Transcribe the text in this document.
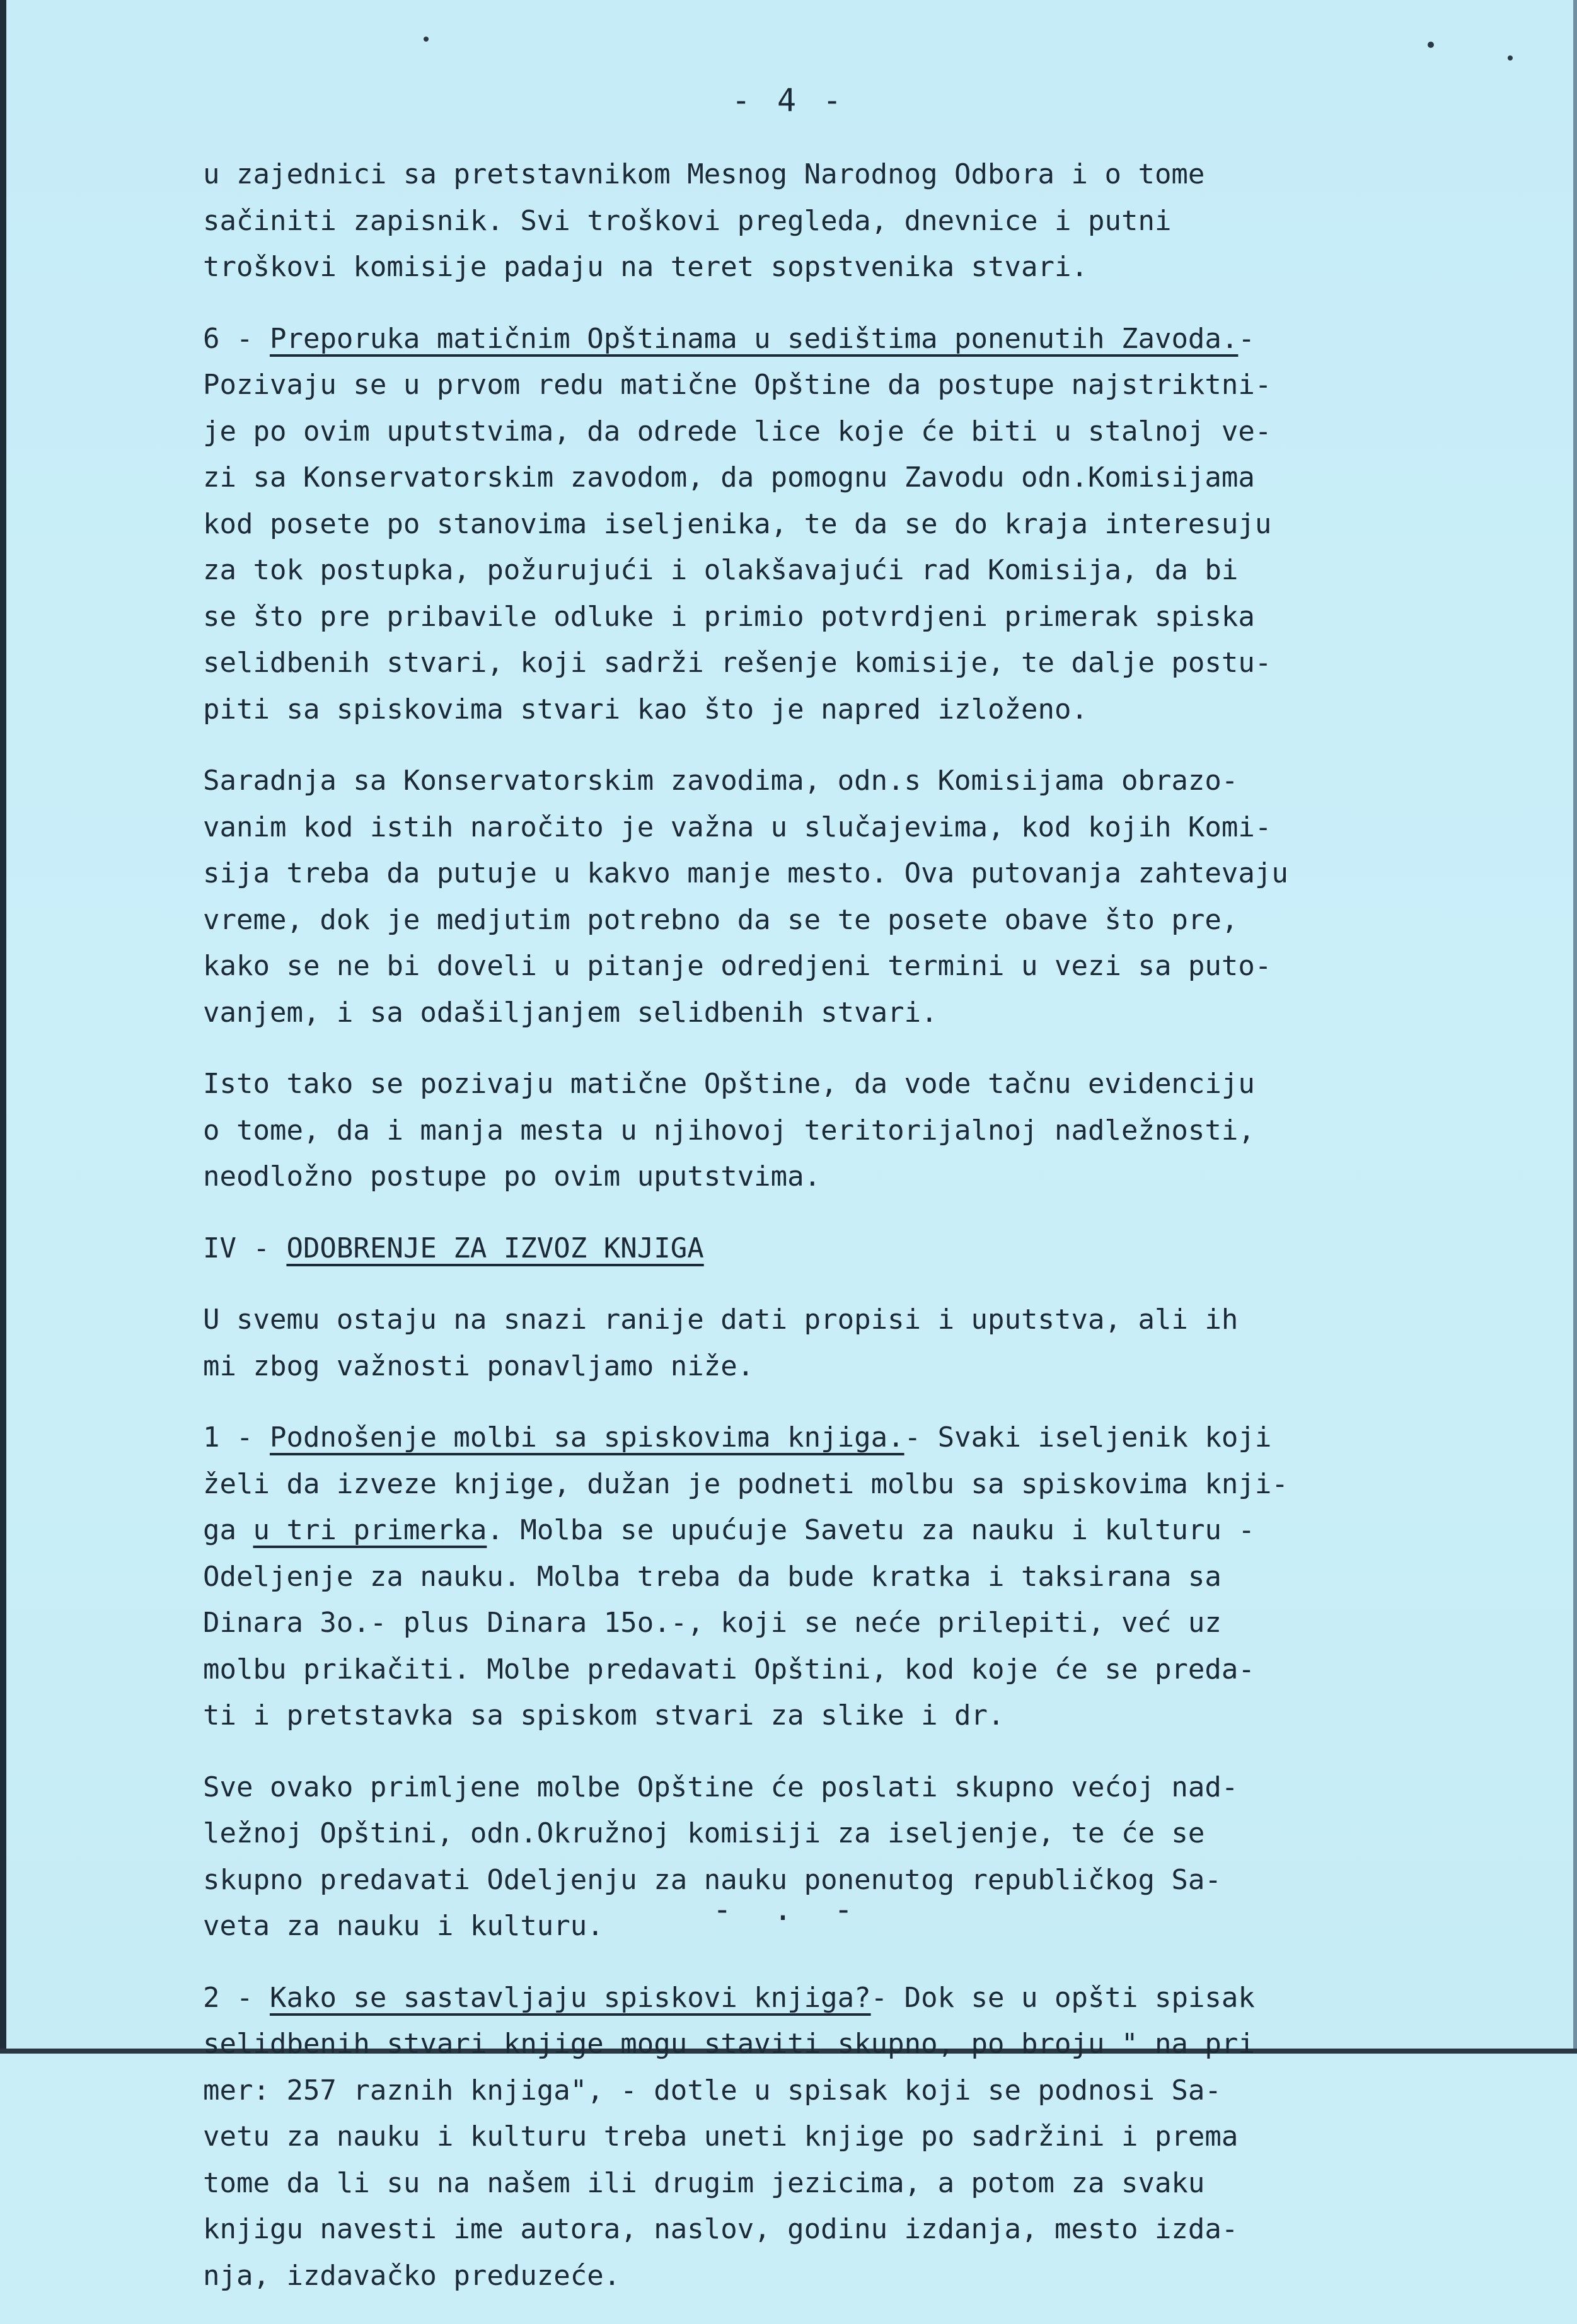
- 4 -
u zajednici sa pretstavnikom Mesnog Narodnog Odbora i o tome
sačiniti zapisnik. Svi troškovi pregleda, dnevnice i putni
troškovi komisije padaju na teret sopstvenika stvari.
6 - Preporuka matičnim Opštinama u sedištima ponenutih Zavoda.-
Pozivaju se u prvom redu matične Opštine da postupe najstriktni-
je po ovim uputstvima, da odrede lice koje će biti u stalnoj ve-
zi sa Konservatorskim zavodom, da pomognu Zavodu odn.Komisijama
kod posete po stanovima iseljenika, te da se do kraja interesuju
za tok postupka, požurujući i olakšavajući rad Komisija, da bi
se što pre pribavile odluke i primio potvrdjeni primerak spiska
selidbenih stvari, koji sadrži rešenje komisije, te dalje postu-
piti sa spiskovima stvari kao što je napred izloženo.
Saradnja sa Konservatorskim zavodima, odn.s Komisijama obrazo-
vanim kod istih naročito je važna u slučajevima, kod kojih Komi-
sija treba da putuje u kakvo manje mesto. Ova putovanja zahtevaju
vreme, dok je medjutim potrebno da se te posete obave što pre,
kako se ne bi doveli u pitanje odredjeni termini u vezi sa puto-
vanjem, i sa odašiljanjem selidbenih stvari.
Isto tako se pozivaju matične Opštine, da vode tačnu evidenciju
o tome, da i manja mesta u njihovoj teritorijalnoj nadležnosti,
neodložno postupe po ovim uputstvima.
IV - ODOBRENJE ZA IZVOZ KNJIGA
U svemu ostaju na snazi ranije dati propisi i uputstva, ali ih
mi zbog važnosti ponavljamo niže.
1 - Podnošenje molbi sa spiskovima knjiga.- Svaki iseljenik koji
želi da izveze knjige, dužan je podneti molbu sa spiskovima knji-
ga u tri primerka. Molba se upućuje Savetu za nauku i kulturu -
Odeljenje za nauku. Molba treba da bude kratka i taksirana sa
Dinara 3o.- plus Dinara 15o.-, koji se neće prilepiti, već uz
molbu prikačiti. Molbe predavati Opštini, kod koje će se preda-
ti i pretstavka sa spiskom stvari za slike i dr.
Sve ovako primljene molbe Opštine će poslati skupno većoj nad-
ležnoj Opštini, odn.Okružnoj komisiji za iseljenje, te će se
skupno predavati Odeljenju za nauku ponenutog republičkog Sa-
veta za nauku i kulturu.
2 - Kako se sastavljaju spiskovi knjiga?- Dok se u opšti spisak
selidbenih stvari knjige mogu staviti skupno, po broju " na pri
mer: 257 raznih knjiga", - dotle u spisak koji se podnosi Sa-
vetu za nauku i kulturu treba uneti knjige po sadržini i prema
tome da li su na našem ili drugim jezicima, a potom za svaku
knjigu navesti ime autora, naslov, godinu izdanja, mesto izda-
nja, izdavačko preduzeće.
- . -
